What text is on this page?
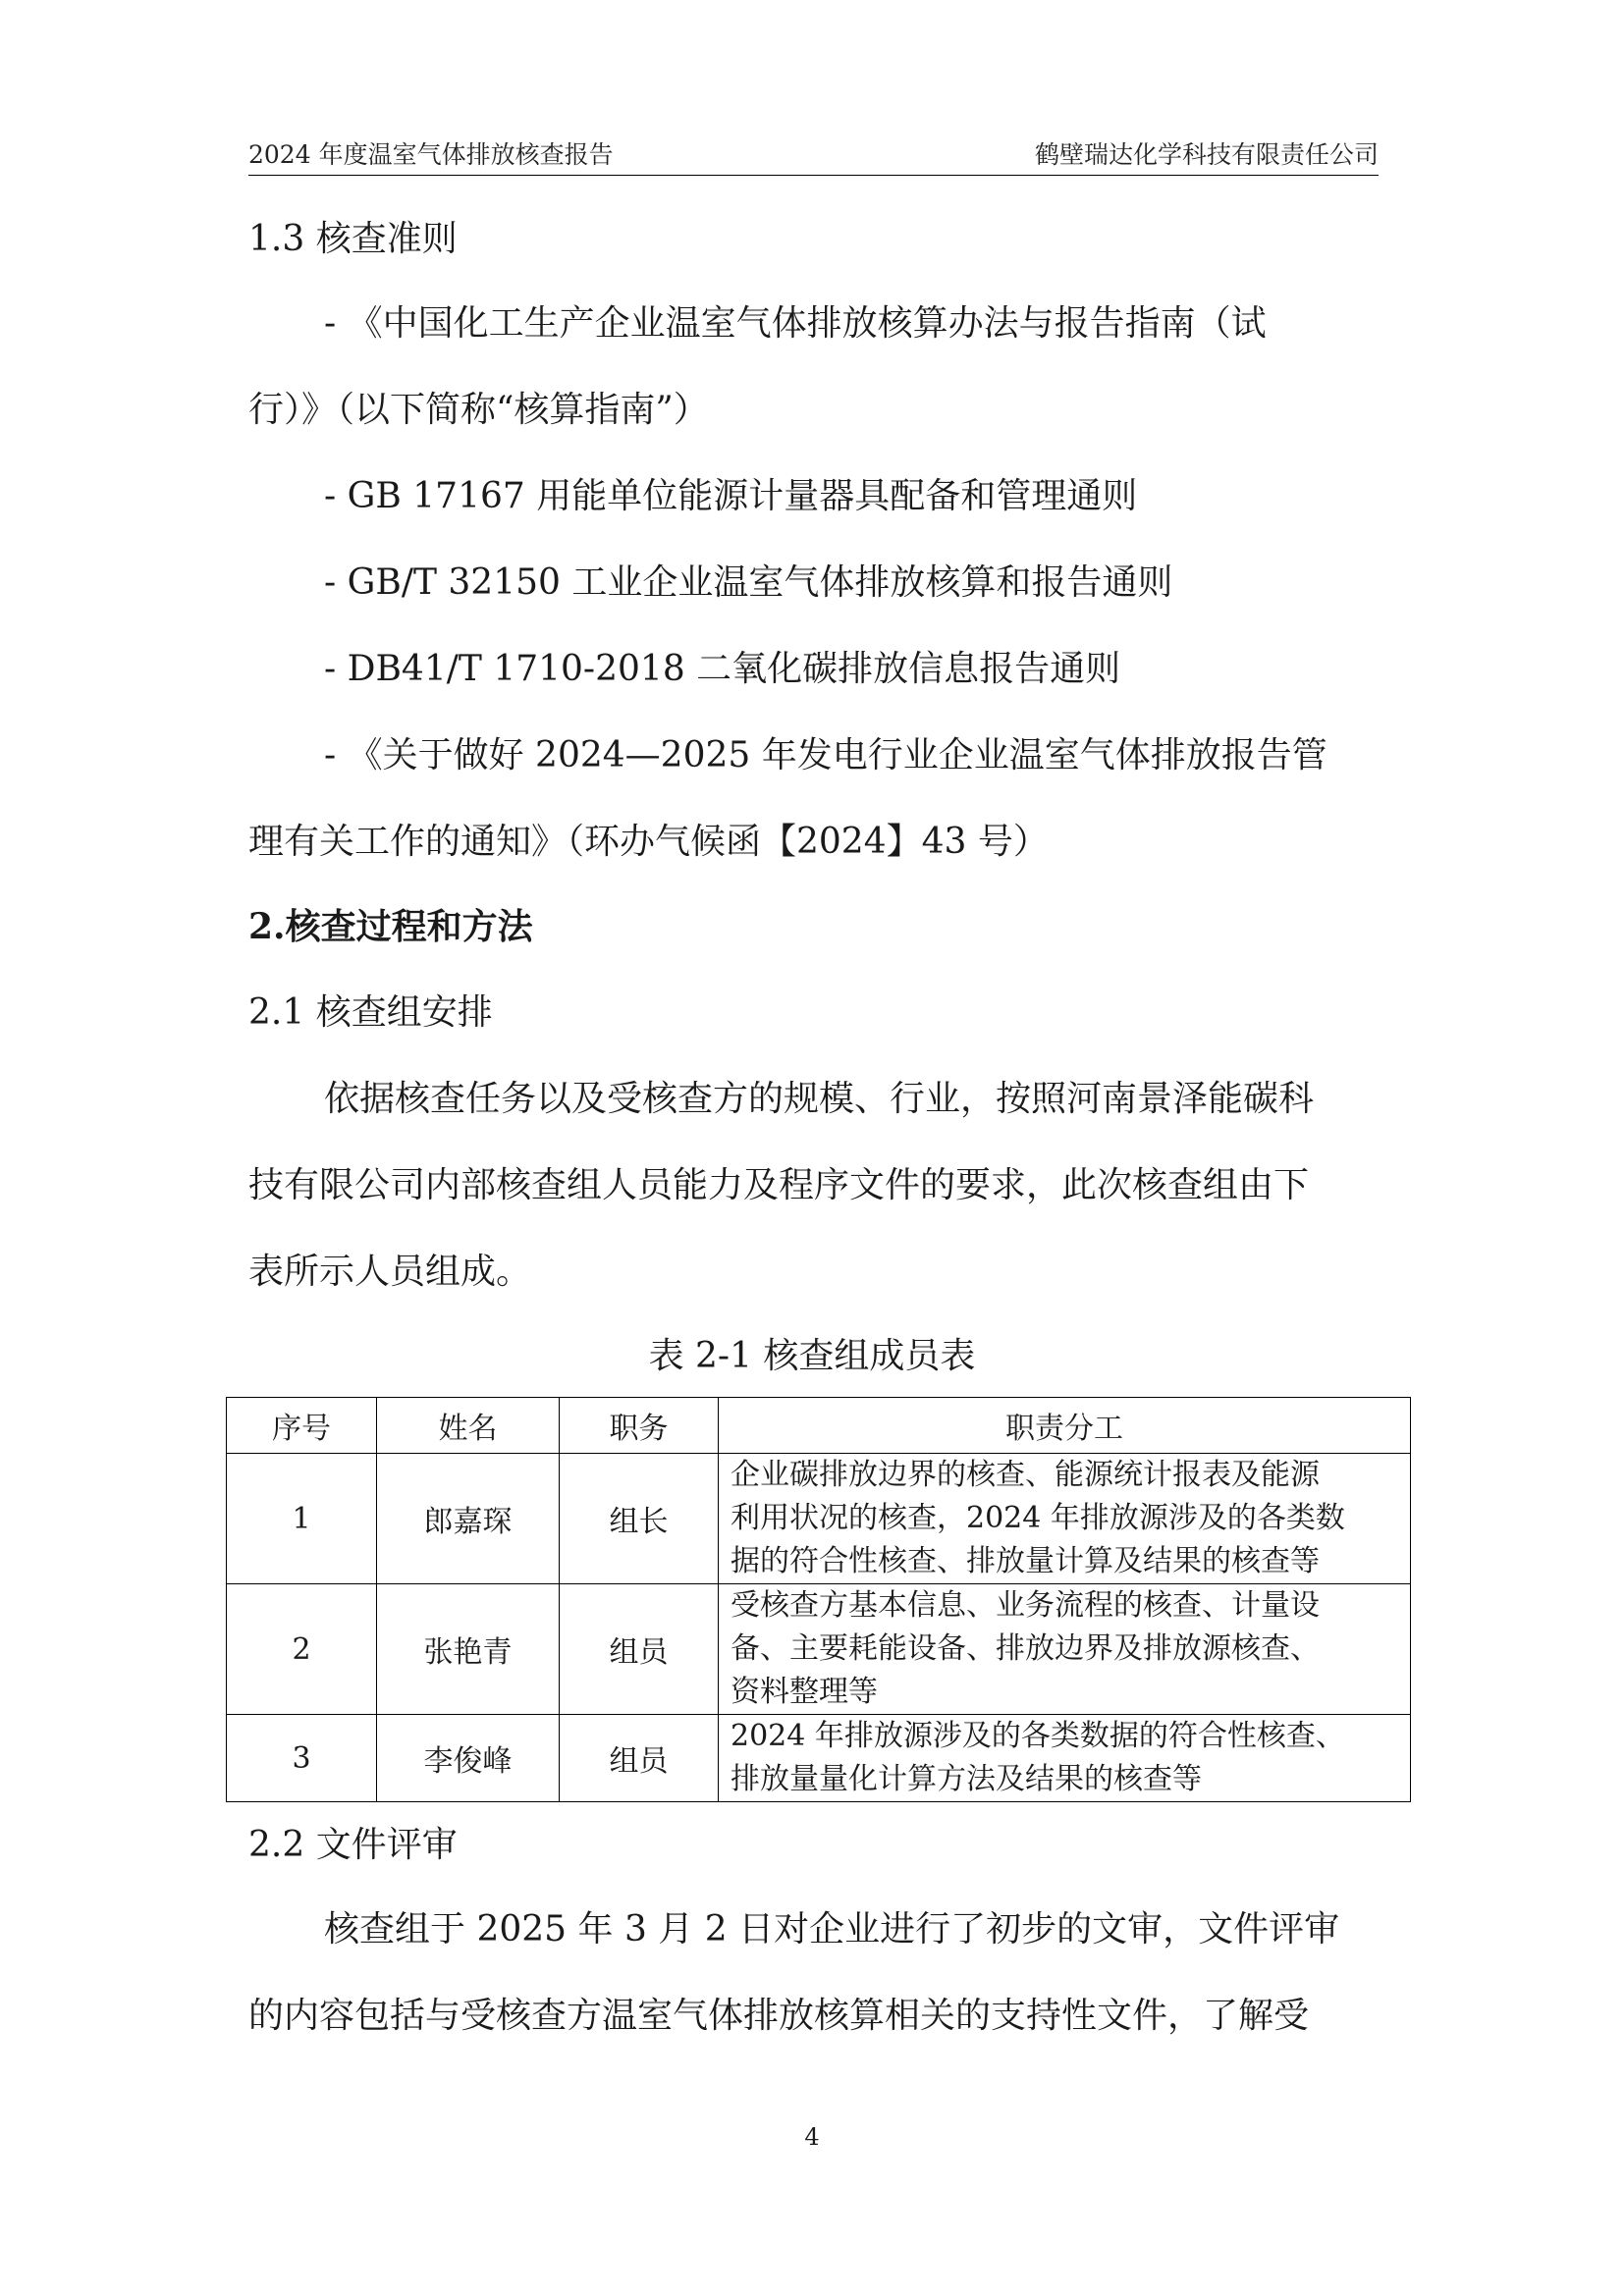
2024 年度温室气体排放核查报告	鹤壁瑞达化学科技有限责任公司
1.3 核查准则
- 《中国化工生产企业温室气体排放核算办法与报告指南（试
行）》（以下简称“核算指南”）
- GB 17167 用能单位能源计量器具配备和管理通则
- GB/T 32150 工业企业温室气体排放核算和报告通则
- DB41/T 1710-2018 二氧化碳排放信息报告通则
- 《关于做好 2024—2025 年发电行业企业温室气体排放报告管
理有关工作的通知》（环办气候函【2024】43 号）
2.核查过程和方法
2.1 核查组安排
依据核查任务以及受核查方的规模、行业，按照河南景泽能碳科
技有限公司内部核查组人员能力及程序文件的要求，此次核查组由下
表所示人员组成。
表 2-1 核查组成员表
序号	姓名	职务	职责分工
1	郎嘉琛	组长	企业碳排放边界的核查、能源统计报表及能源
利用状况的核查，2024 年排放源涉及的各类数
据的符合性核查、排放量计算及结果的核查等

2	张艳青	组员	受核查方基本信息、业务流程的核查、计量设
备、主要耗能设备、排放边界及排放源核查、
资料整理等

3	李俊峰	组员	2024 年排放源涉及的各类数据的符合性核查、
排放量量化计算方法及结果的核查等
2.2 文件评审
核查组于 2025 年 3 月 2 日对企业进行了初步的文审，文件评审
的内容包括与受核查方温室气体排放核算相关的支持性文件，了解受
4
